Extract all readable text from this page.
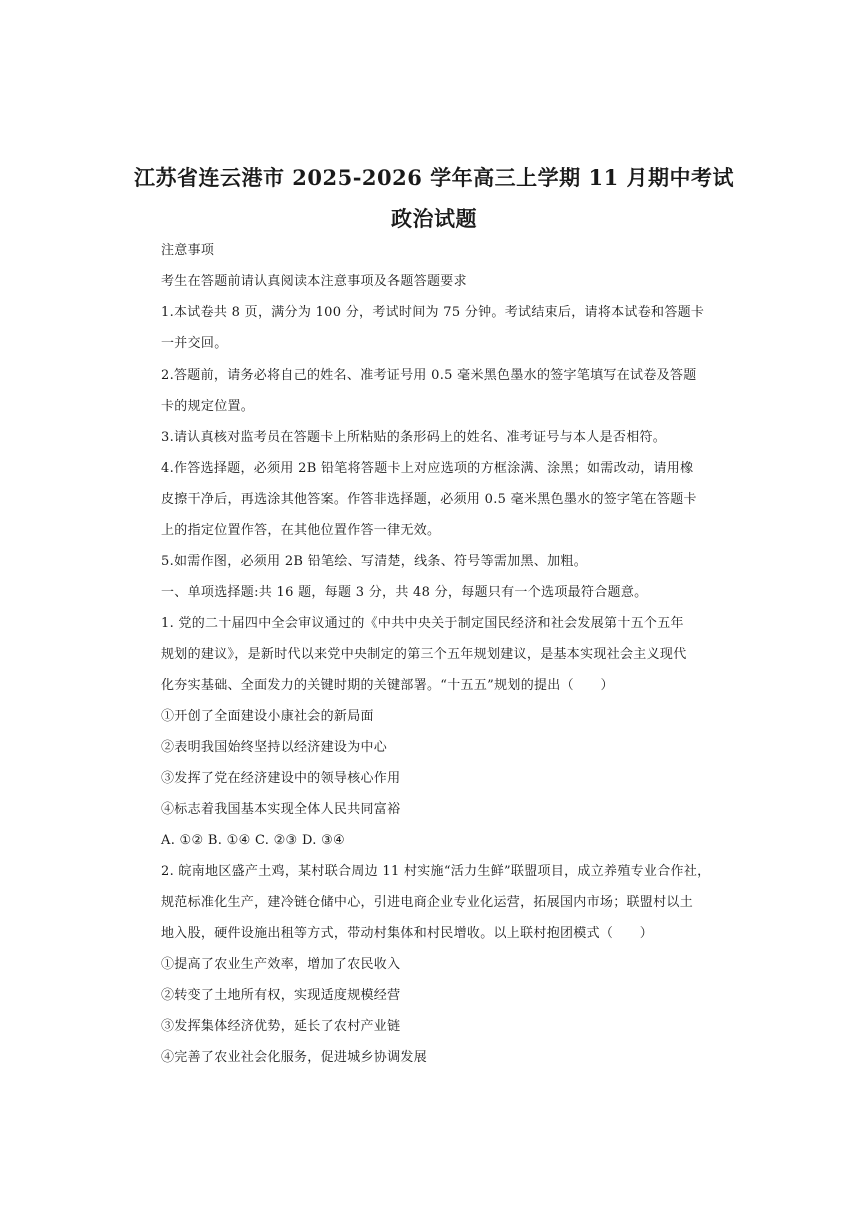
江苏省连云港市 2025-2026 学年高三上学期 11 月期中考试
政治试题
注意事项
考生在答题前请认真阅读本注意事项及各题答题要求
1.本试卷共 8 页，满分为 100 分，考试时间为 75 分钟。考试结束后，请将本试卷和答题卡
一并交回。
2.答题前，请务必将自己的姓名、准考证号用 0.5 毫米黑色墨水的签字笔填写在试卷及答题
卡的规定位置。
3.请认真核对监考员在答题卡上所粘贴的条形码上的姓名、准考证号与本人是否相符。
4.作答选择题，必须用 2B 铅笔将答题卡上对应选项的方框涂满、涂黑；如需改动，请用橡
皮擦干净后，再选涂其他答案。作答非选择题，必须用 0.5 毫米黑色墨水的签字笔在答题卡
上的指定位置作答，在其他位置作答一律无效。
5.如需作图，必须用 2B 铅笔绘、写清楚，线条、符号等需加黑、加粗。
一、单项选择题:共 16 题，每题 3 分，共 48 分，每题只有一个选项最符合题意。
1. 党的二十届四中全会审议通过的《中共中央关于制定国民经济和社会发展第十五个五年
规划的建议》，是新时代以来党中央制定的第三个五年规划建议，是基本实现社会主义现代
化夯实基础、全面发力的关键时期的关键部署。“十五五”规划的提出（　　）
①开创了全面建设小康社会的新局面
②表明我国始终坚持以经济建设为中心
③发挥了党在经济建设中的领导核心作用
④标志着我国基本实现全体人民共同富裕
A. ①② B. ①④ C. ②③ D. ③④
2. 皖南地区盛产土鸡，某村联合周边 11 村实施“活力生鲜”联盟项目，成立养殖专业合作社，
规范标准化生产，建冷链仓储中心，引进电商企业专业化运营，拓展国内市场；联盟村以土
地入股，硬件设施出租等方式，带动村集体和村民增收。以上联村抱团模式（　　）
①提高了农业生产效率，增加了农民收入
②转变了土地所有权，实现适度规模经营
③发挥集体经济优势，延长了农村产业链
④完善了农业社会化服务，促进城乡协调发展
